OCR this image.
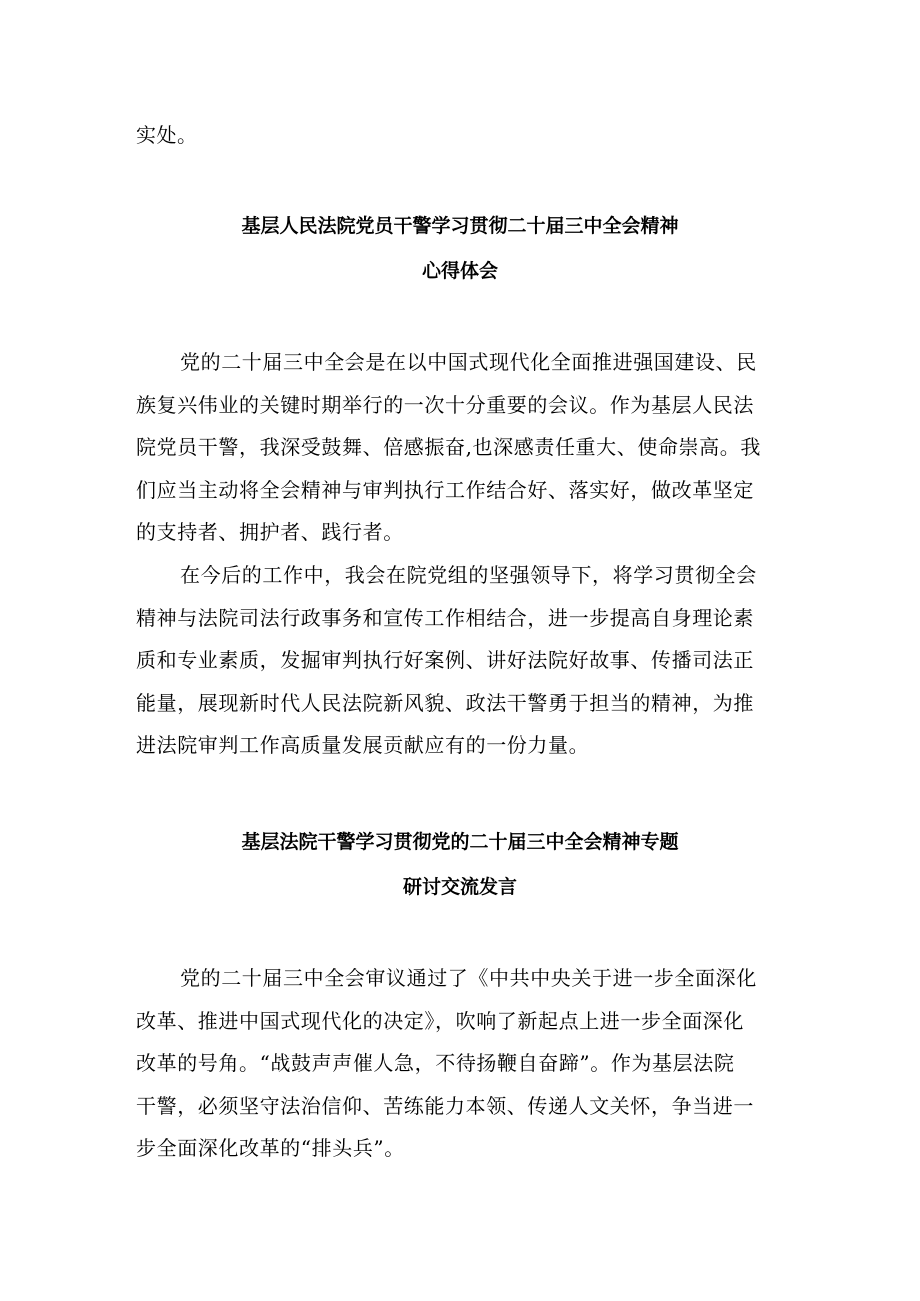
实处。
基层人民法院党员干警学习贯彻二十届三中全会精神
心得体会
党的二十届三中全会是在以中国式现代化全面推进强国建设、民
族复兴伟业的关键时期举行的一次十分重要的会议。作为基层人民法
院党员干警，我深受鼓舞、倍感振奋,也深感责任重大、使命崇高。我
们应当主动将全会精神与审判执行工作结合好、落实好，做改革坚定
的支持者、拥护者、践行者。
在今后的工作中，我会在院党组的坚强领导下，将学习贯彻全会
精神与法院司法行政事务和宣传工作相结合，进一步提高自身理论素
质和专业素质，发掘审判执行好案例、讲好法院好故事、传播司法正
能量，展现新时代人民法院新风貌、政法干警勇于担当的精神，为推
进法院审判工作高质量发展贡献应有的一份力量。
基层法院干警学习贯彻党的二十届三中全会精神专题
研讨交流发言
党的二十届三中全会审议通过了《中共中央关于进一步全面深化
改革、推进中国式现代化的决定》，吹响了新起点上进一步全面深化
改革的号角。“战鼓声声催人急，不待扬鞭自奋蹄”。作为基层法院
干警，必须坚守法治信仰、苦练能力本领、传递人文关怀，争当进一
步全面深化改革的“排头兵”。
